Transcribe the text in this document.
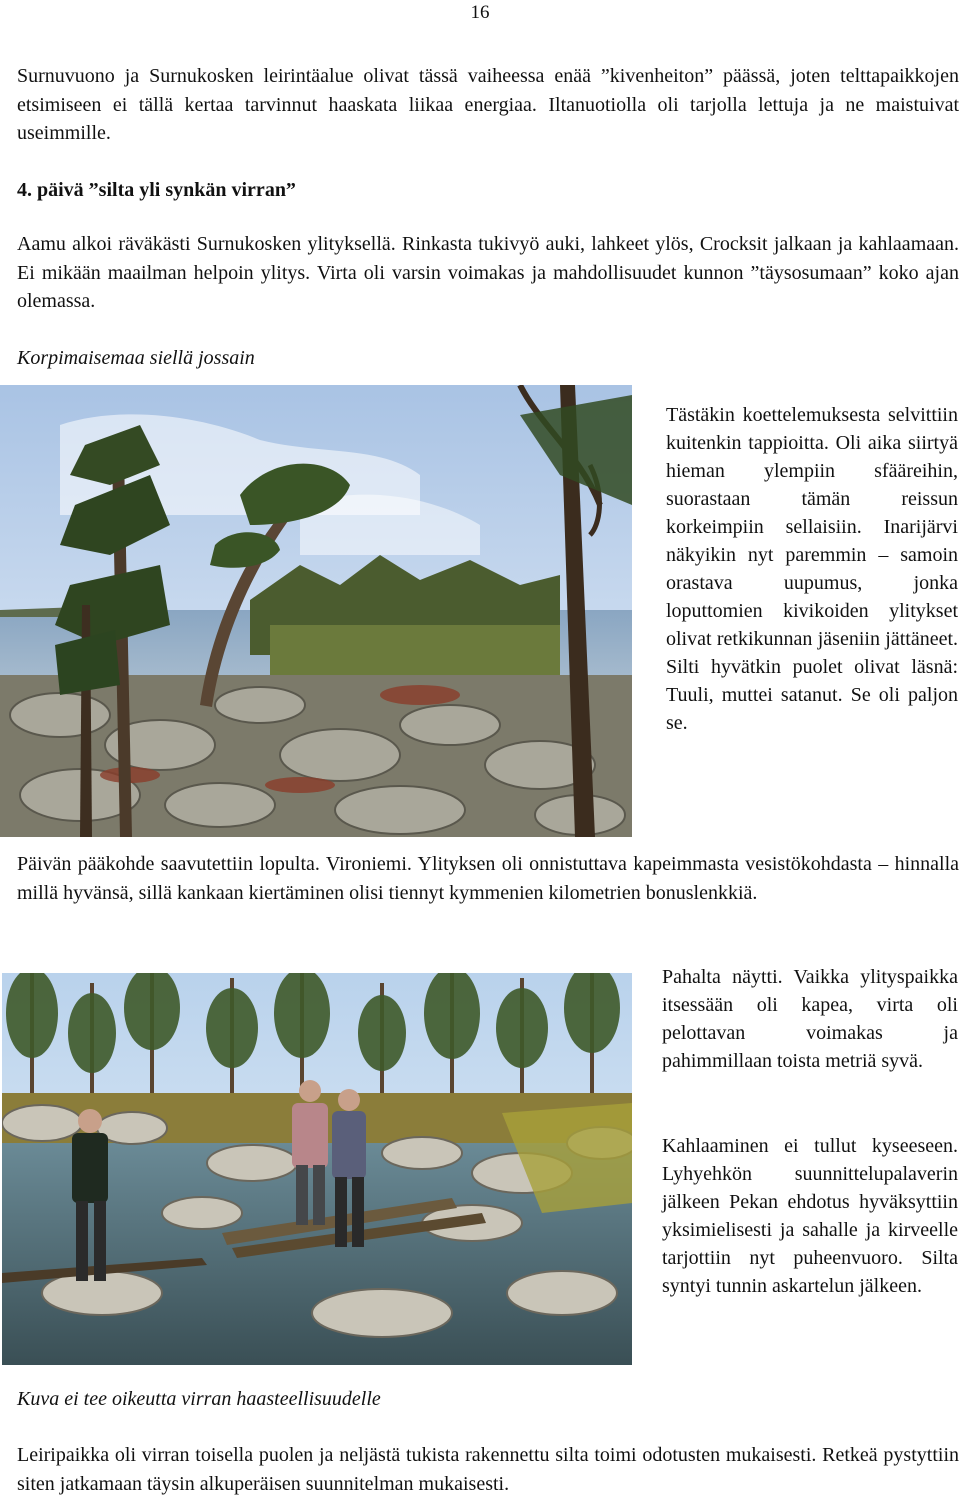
16

Surnuvuono ja Surnukosken leirintäalue olivat tässä vaiheessa enää ”kivenheiton” päässä, joten telttapaikkojen etsimiseen ei tällä kertaa tarvinnut haaskata liikaa energiaa. Iltanuotiolla oli tarjolla lettuja ja ne maistuivat useimmille.

4. päivä ”silta yli synkän virran”

Aamu alkoi räväkästi Surnukosken ylityksellä. Rinkasta tukivyö auki, lahkeet ylös, Crocksit jalkaan ja kahlaamaan. Ei mikään maailman helpoin ylitys. Virta oli varsin voimakas ja mahdollisuudet kunnon ”täysosumaan” koko ajan olemassa.

Korpimaisemaa siellä jossain

Tästäkin koettelemuksesta selvittiin kuitenkin tappioitta. Oli aika siirtyä hieman ylempiin sfääreihin, suorastaan tämän reissun korkeimpiin sellaisiin. Inarijärvi näkyikin nyt paremmin – samoin orastava uupumus, jonka loputtomien kivikoiden ylitykset olivat retkikunnan jäseniin jättäneet. Silti hyvätkin puolet olivat läsnä: Tuuli, muttei satanut. Se oli paljon se.

Päivän pääkohde saavutettiin lopulta. Vironiemi. Ylityksen oli onnistuttava kapeimmasta vesistökohdasta – hinnalla millä hyvänsä, sillä kankaan kiertäminen olisi tiennyt kymmenien kilometrien bonuslenkkiä.

Pahalta näytti. Vaikka ylityspaikka itsessään oli kapea, virta oli pelottavan voimakas ja pahimmillaan toista metriä syvä.

Kahlaaminen ei tullut kyseeseen. Lyhyehkön suunnittelupalaverin jälkeen Pekan ehdotus hyväksyttiin yksimielisesti ja sahalle ja kirveelle tarjottiin nyt puheenvuoro. Silta syntyi tunnin askartelun jälkeen.

Kuva ei tee oikeutta virran haasteellisuudelle

Leiripaikka oli virran toisella puolen ja neljästä tukista rakennettu silta toimi odotusten mukaisesti. Retkeä pystyttiin siten jatkamaan täysin alkuperäisen suunnitelman mukaisesti.
